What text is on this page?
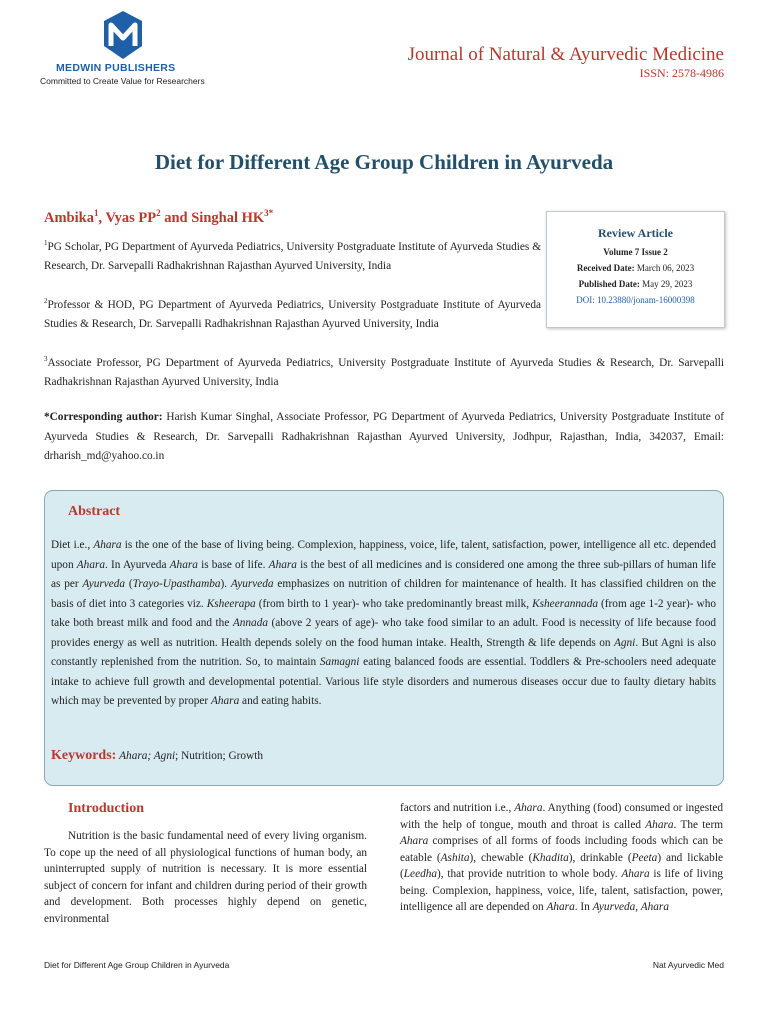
MEDWIN PUBLISHERS
Committed to Create Value for Researchers
Journal of Natural & Ayurvedic Medicine
ISSN: 2578-4986
Diet for Different Age Group Children in Ayurveda
Ambika$^1$, Vyas $PP^2$ and Singhal $HK^{3*}$
$^1$PG Scholar, PG Department of Ayurveda Pediatrics, University Postgraduate Institute of Ayurveda Studies & Research, Dr. Sarvepalli Radhakrishnan Rajasthan Ayurved University, India
$^2$Professor & HOD, PG Department of Ayurveda Pediatrics, University Postgraduate Institute of Ayurveda Studies & Research, Dr. Sarvepalli Radhakrishnan Rajasthan Ayurved University, India
$^3$Associate Professor, PG Department of Ayurveda Pediatrics, University Postgraduate Institute of Ayurveda Studies & Research, Dr. Sarvepalli Radhakrishnan Rajasthan Ayurved University, India
Review Article
Volume 7 Issue 2
Received Date: March 06, 2023
Published Date: May 29, 2023
DOI: 10.23880/jonam-16000398
*Corresponding author: Harish Kumar Singhal, Associate Professor, PG Department of Ayurveda Pediatrics, University Postgraduate Institute of Ayurveda Studies & Research, Dr. Sarvepalli Radhakrishnan Rajasthan Ayurved University, Jodhpur, Rajasthan, India, 342037, Email: drharish_md@yahoo.co.in
Abstract
Diet i.e., Ahara is the one of the base of living being. Complexion, happiness, voice, life, talent, satisfaction, power, intelligence all etc. depended upon Ahara. In Ayurveda Ahara is base of life. Ahara is the best of all medicines and is considered one among the three sub-pillars of human life as per Ayurveda (Trayo-Upasthamba). Ayurveda emphasizes on nutrition of children for maintenance of health. It has classified children on the basis of diet into 3 categories viz. Ksheerapa (from birth to 1 year)- who take predominantly breast milk, Ksheerannada (from age 1-2 year)- who take both breast milk and food and the Annada (above 2 years of age)- who take food similar to an adult. Food is necessity of life because food provides energy as well as nutrition. Health depends solely on the food human intake. Health, Strength & life depends on Agni. But Agni is also constantly replenished from the nutrition. So, to maintain Samagni eating balanced foods are essential. Toddlers & Pre-schoolers need adequate intake to achieve full growth and developmental potential. Various life style disorders and numerous diseases occur due to faulty dietary habits which may be prevented by proper Ahara and eating habits.
Keywords: Ahara; Agni; Nutrition; Growth
Introduction

Nutrition is the basic fundamental need of every living organism. To cope up the need of all physiological functions of human body, an uninterrupted supply of nutrition is necessary. It is more essential subject of concern for infant and children during period of their growth and development. Both processes highly depend on genetic, environmental

factors and nutrition i.e., Ahara. Anything (food) consumed or ingested with the help of tongue, mouth and throat is called Ahara. The term Ahara comprises of all forms of foods including foods which can be eatable (Ashita), chewable (Khadita), drinkable (Peeta) and lickable (Leedha), that provide nutrition to whole body. Ahara is life of living being. Complexion, happiness, voice, life, talent, satisfaction, power, intelligence all are depended on Ahara. In Ayurveda, Ahara

Diet for Different Age Group Children in Ayurveda	Nat Ayurvedic Med
